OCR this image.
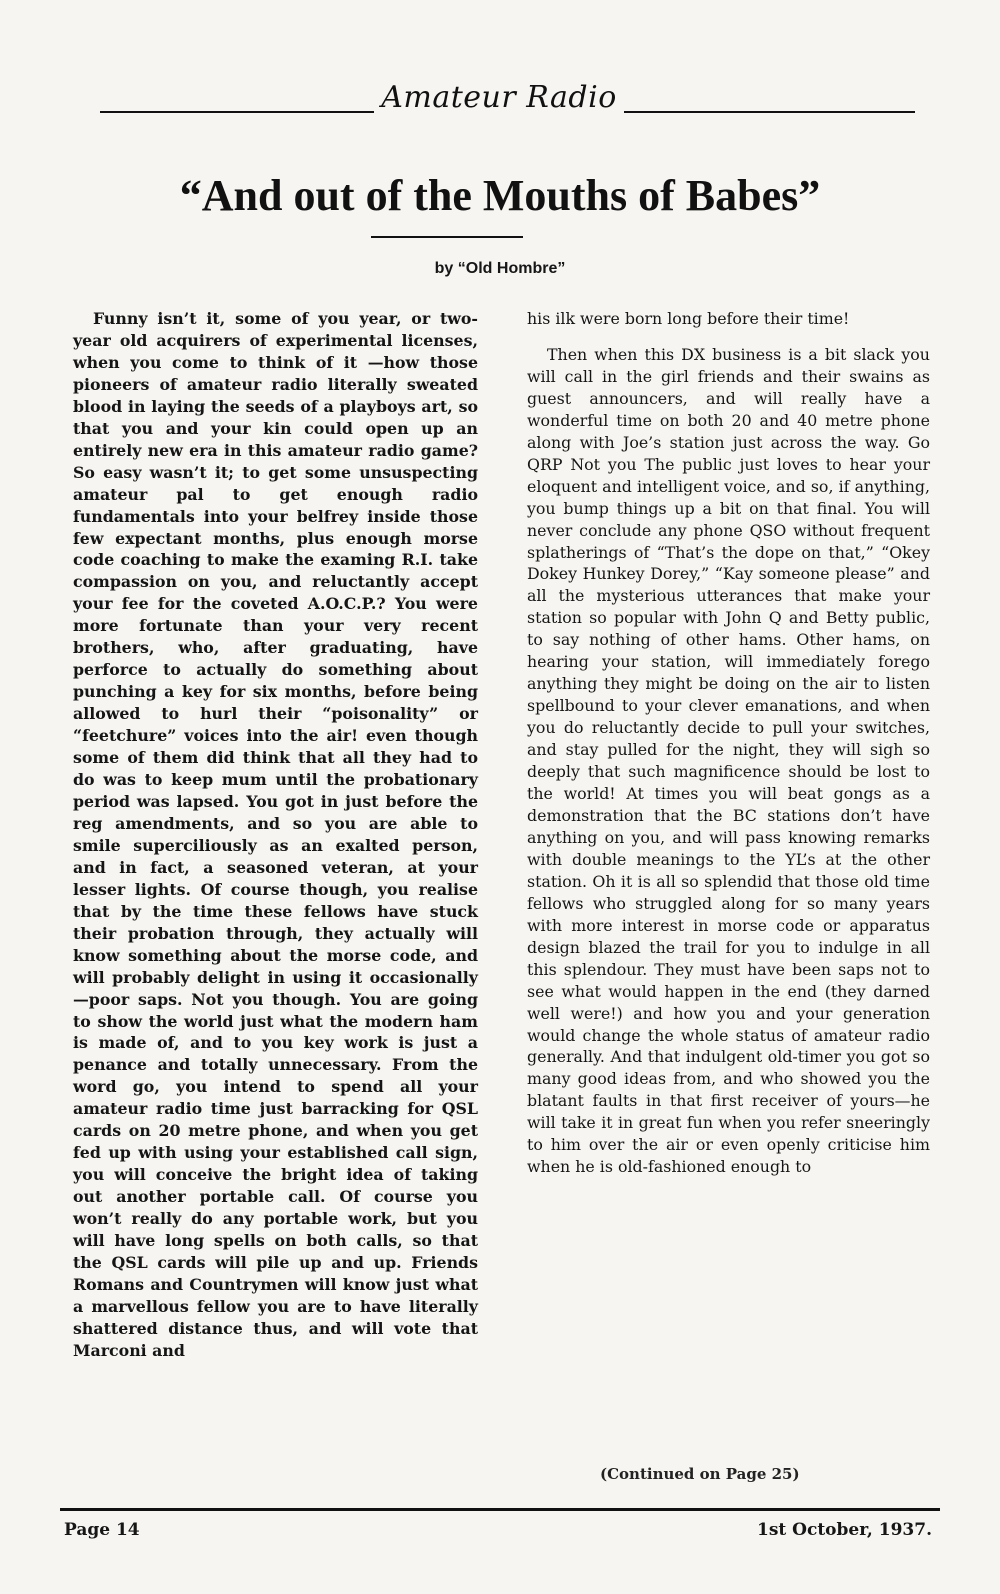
Amateur Radio
“And out of the Mouths of Babes”

by “Old Hombre”

Funny isn’t it, some of you year, or two-year old acquirers of experimental licenses, when you come to think of it —how those pioneers of amateur radio literally sweated blood in laying the seeds of a playboys art, so that you and your kin could open up an entirely new era in this amateur radio game? So easy wasn’t it; to get some unsuspecting amateur pal to get enough radio fundamentals into your belfrey inside those few expectant months, plus enough morse code coaching to make the examing R.I. take compassion on you, and reluctantly accept your fee for the coveted A.O.C.P.? You were more fortunate than your very recent brothers, who, after graduating, have perforce to actually do something about punching a key for six months, before being allowed to hurl their “poisonality” or “feetchure” voices into the air! even though some of them did think that all they had to do was to keep mum until the probationary period was lapsed. You got in just before the reg amendments, and so you are able to smile superciliously as an exalted person, and in fact, a seasoned veteran, at your lesser lights. Of course though, you realise that by the time these fellows have stuck their probation through, they actually will know something about the morse code, and will probably delight in using it occasionally—poor saps. Not you though. You are going to show the world just what the modern ham is made of, and to you key work is just a penance and totally unnecessary. From the word go, you intend to spend all your amateur radio time just barracking for QSL cards on 20 metre phone, and when you get fed up with using your established call sign, you will conceive the bright idea of taking out another portable call. Of course you won’t really do any portable work, but you will have long spells on both calls, so that the QSL cards will pile up and up. Friends Romans and Countrymen will know just what a marvellous fellow you are to have literally shattered distance thus, and will vote that Marconi and

his ilk were born long before their time!

Then when this DX business is a bit slack you will call in the girl friends and their swains as guest announcers, and will really have a wonderful time on both 20 and 40 metre phone along with Joe’s station just across the way. Go QRP Not you The public just loves to hear your eloquent and intelligent voice, and so, if anything, you bump things up a bit on that final. You will never conclude any phone QSO without frequent splatherings of “That’s the dope on that,” “Okey Dokey Hunkey Dorey,” “Kay someone please” and all the mysterious utterances that make your station so popular with John Q and Betty public, to say nothing of other hams. Other hams, on hearing your station, will immediately forego anything they might be doing on the air to listen spellbound to your clever emanations, and when you do reluctantly decide to pull your switches, and stay pulled for the night, they will sigh so deeply that such magnificence should be lost to the world! At times you will beat gongs as a demonstration that the BC stations don’t have anything on you, and will pass knowing remarks with double meanings to the YL’s at the other station. Oh it is all so splendid that those old time fellows who struggled along for so many years with more interest in morse code or apparatus design blazed the trail for you to indulge in all this splendour. They must have been saps not to see what would happen in the end (they darned well were!) and how you and your generation would change the whole status of amateur radio generally. And that indulgent old-timer you got so many good ideas from, and who showed you the blatant faults in that first receiver of yours—he will take it in great fun when you refer sneeringly to him over the air or even openly criticise him when he is old-fashioned enough to

(Continued on Page 25)
Page 14	1st October, 1937.
